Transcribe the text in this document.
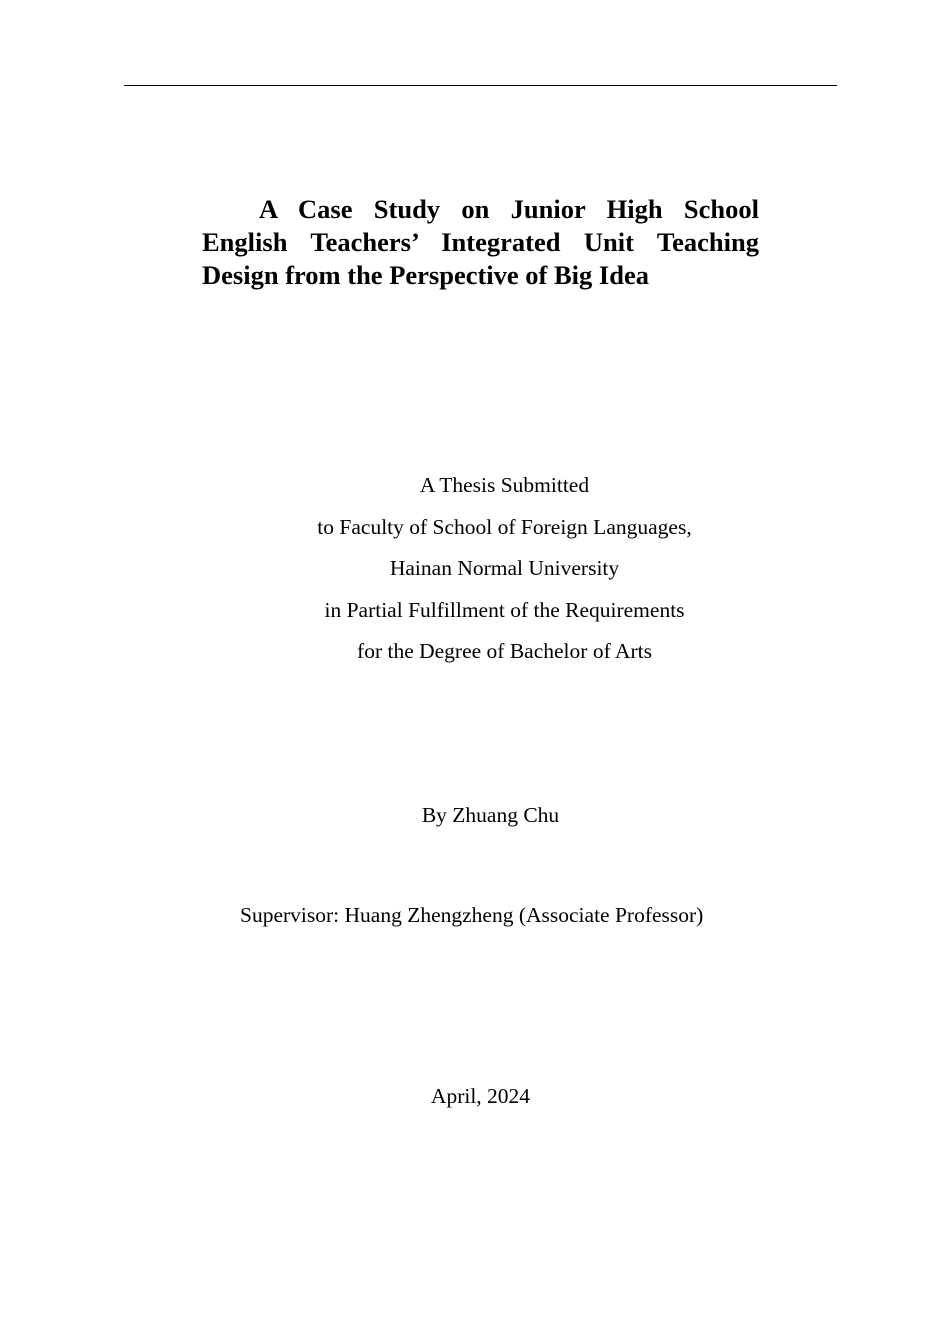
A Case Study on Junior High School English Teachers’ Integrated Unit Teaching Design from the Perspective of Big Idea
A Thesis Submitted
to Faculty of School of Foreign Languages,
Hainan Normal University
in Partial Fulfillment of the Requirements
for the Degree of Bachelor of Arts
By Zhuang Chu
Supervisor: Huang Zhengzheng (Associate Professor)
April, 2024
